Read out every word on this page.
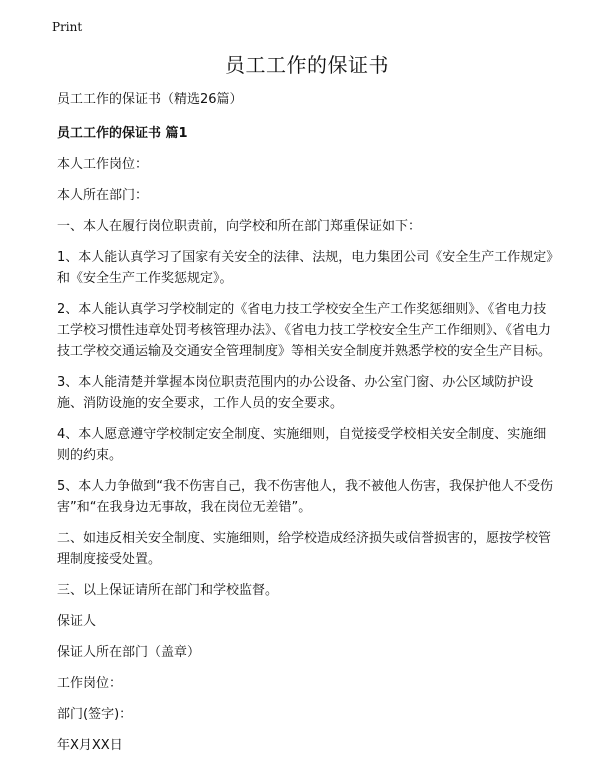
Print
员工工作的保证书
员工工作的保证书（精选26篇）
员工工作的保证书 篇1
本人工作岗位：
本人所在部门：
一、本人在履行岗位职责前，向学校和所在部门郑重保证如下：
1、本人能认真学习了国家有关安全的法律、法规，电力集团公司《安全生产工作规定》和《安全生产工作奖惩规定》。
2、本人能认真学习学校制定的《省电力技工学校安全生产工作奖惩细则》、《省电力技工学校习惯性违章处罚考核管理办法》、《省电力技工学校安全生产工作细则》、《省电力技工学校交通运输及交通安全管理制度》等相关安全制度并熟悉学校的安全生产目标。
3、本人能清楚并掌握本岗位职责范围内的办公设备、办公室门窗、办公区域防护设施、消防设施的安全要求，工作人员的安全要求。
4、本人愿意遵守学校制定安全制度、实施细则，自觉接受学校相关安全制度、实施细则的约束。
5、本人力争做到“我不伤害自己，我不伤害他人，我不被他人伤害，我保护他人不受伤害”和“在我身边无事故，我在岗位无差错”。
二、如违反相关安全制度、实施细则，给学校造成经济损失或信誉损害的，愿按学校管理制度接受处置。
三、以上保证请所在部门和学校监督。
保证人
保证人所在部门（盖章）
工作岗位：
部门(签字)：
年X月XX日
